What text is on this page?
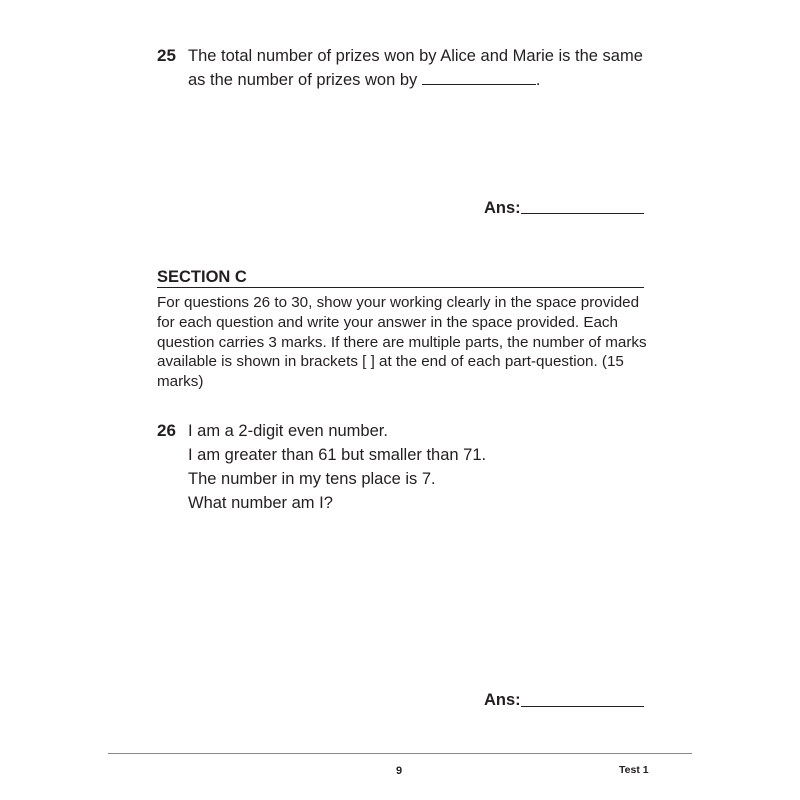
25 The total number of prizes won by Alice and Marie is the same
as the number of prizes won by	.
Ans:
SECTION C
For questions 26 to 30, show your working clearly in the space provided for each question and write your answer in the space provided. Each question carries 3 marks. If there are multiple parts, the number of marks available is shown in brackets [ ] at the end of each part-question. (15 marks)
26 I am a 2-digit even number.
I am greater than 61 but smaller than 71.
The number in my tens place is 7.
What number am I?
Ans:
9	Test 1
